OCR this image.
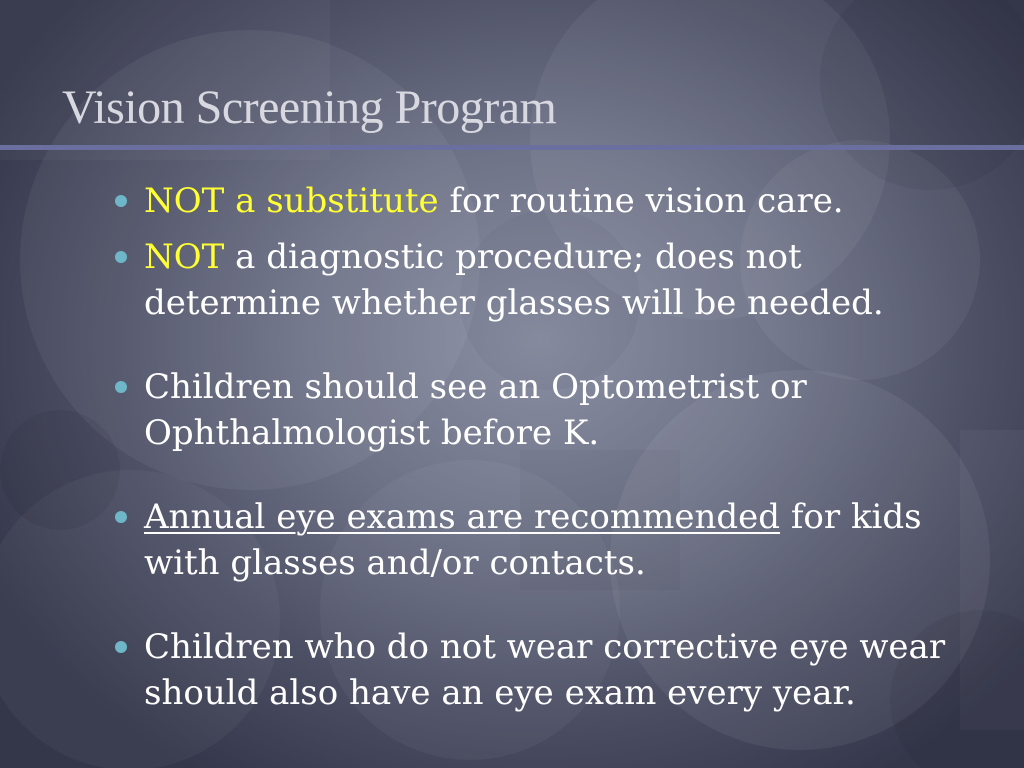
Vision Screening Program
NOT a substitute for routine vision care.
NOT a diagnostic procedure; does not determine whether glasses will be needed.
Children should see an Optometrist or Ophthalmologist before K.
Annual eye exams are recommended for kids with glasses and/or contacts.
Children who do not wear corrective eye wear should also have an eye exam every year.
